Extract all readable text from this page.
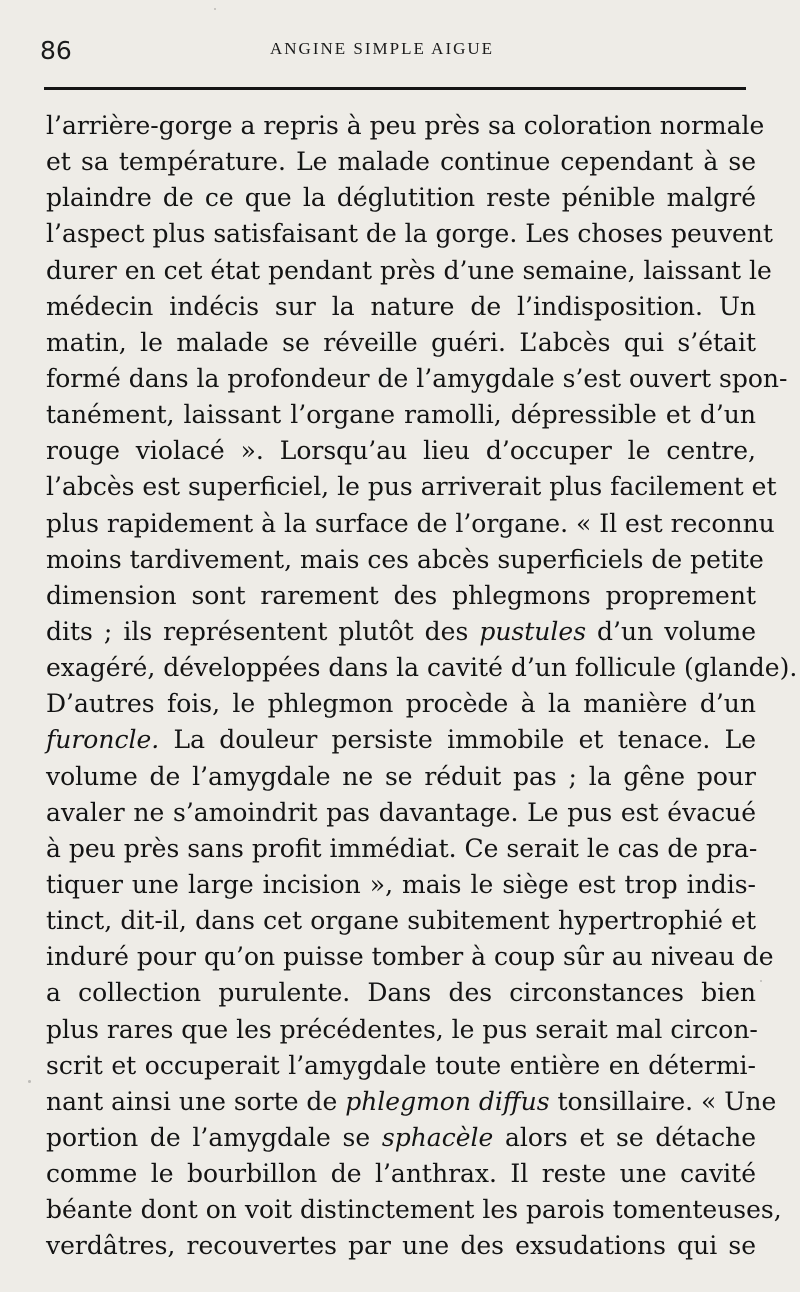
86	ANGINE SIMPLE AIGUE
l’arrière-gorge a repris à peu près sa coloration normale
et sa température. Le malade continue cependant à se
plaindre de ce que la déglutition reste pénible malgré
l’aspect plus satisfaisant de la gorge. Les choses peuvent
durer en cet état pendant près d’une semaine, laissant le
médecin indécis sur la nature de l’indisposition. Un
matin, le malade se réveille guéri. L’abcès qui s’était
formé dans la profondeur de l’amygdale s’est ouvert spon-
tanément, laissant l’organe ramolli, dépressible et d’un
rouge violacé ». Lorsqu’au lieu d’occuper le centre,
l’abcès est superficiel, le pus arriverait plus facilement et
plus rapidement à la surface de l’organe. « Il est reconnu
moins tardivement, mais ces abcès superficiels de petite
dimension sont rarement des phlegmons proprement
dits ; ils représentent plutôt des pustules d’un volume
exagéré, développées dans la cavité d’un follicule (glande).
D’autres fois, le phlegmon procède à la manière d’un
furoncle. La douleur persiste immobile et tenace. Le
volume de l’amygdale ne se réduit pas ; la gêne pour
avaler ne s’amoindrit pas davantage. Le pus est évacué
à peu près sans profit immédiat. Ce serait le cas de pra-
tiquer une large incision », mais le siège est trop indis-
tinct, dit-il, dans cet organe subitement hypertrophié et
induré pour qu’on puisse tomber à coup sûr au niveau de
a collection purulente. Dans des circonstances bien
plus rares que les précédentes, le pus serait mal circon-
scrit et occuperait l’amygdale toute entière en détermi-
nant ainsi une sorte de phlegmon diffus tonsillaire. « Une
portion de l’amygdale se sphacèle alors et se détache
comme le bourbillon de l’anthrax. Il reste une cavité
béante dont on voit distinctement les parois tomenteuses,
verdâtres, recouvertes par une des exsudations qui se
